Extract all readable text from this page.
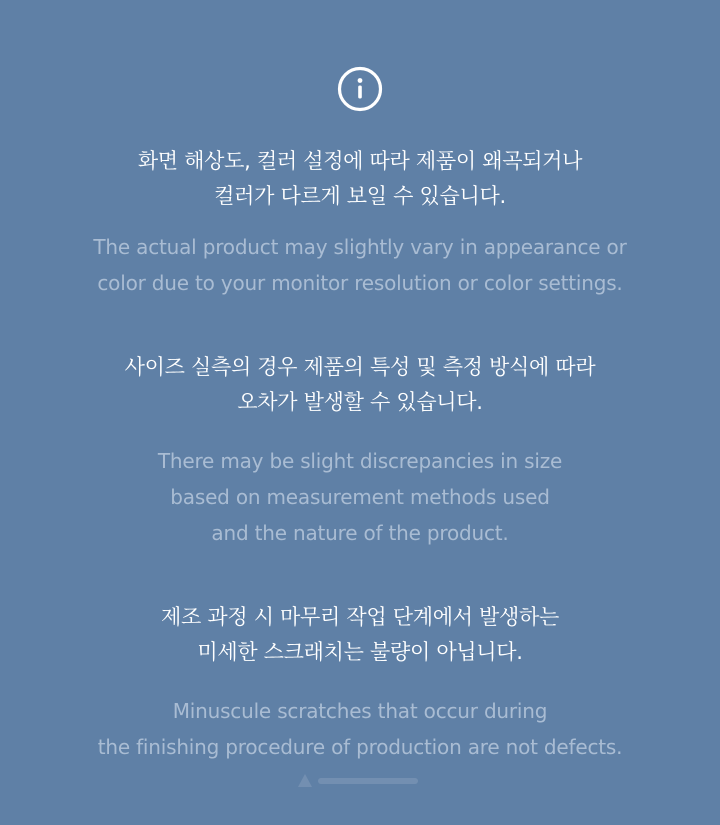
화면 해상도, 컬러 설정에 따라 제품이 왜곡되거나
컬러가 다르게 보일 수 있습니다.
The actual product may slightly vary in appearance or
color due to your monitor resolution or color settings.
사이즈 실측의 경우 제품의 특성 및 측정 방식에 따라
오차가 발생할 수 있습니다.
There may be slight discrepancies in size
based on measurement methods used
and the nature of the product.
제조 과정 시 마무리 작업 단계에서 발생하는
미세한 스크래치는 불량이 아닙니다.
Minuscule scratches that occur during
the finishing procedure of production are not defects.
